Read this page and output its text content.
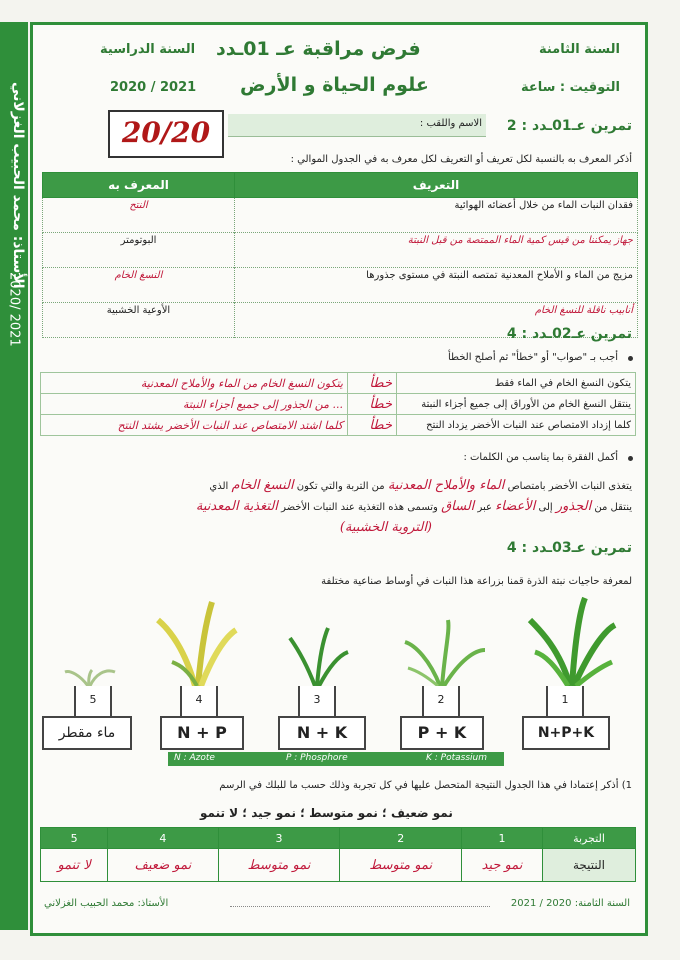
الأستاذ: محمد الحبيب الغزلاني
2020/ 2021
السنة الثامنة
فرض مراقبة عـ 01ـدد
السنة الدراسية
التوقيت : ساعة
علوم الحياة و الأرض
2020 / 2021
20/20	الاسم واللقب : تمرين عـ01ـدد : 2
أذكر المعرف به بالنسبة لكل تعريف أو التعريف لكل معرف به في الجدول الموالي :
التعريف	المعرف به
فقدان النبات الماء من خلال أعضائه الهوائية	النتح
جهاز يمكننا من قيس كمية الماء الممتصة من قبل النبتة	البوتومتر
مزيج من الماء و الأملاح المعدنية تمتصه النبتة في مستوى جذورها	النسغ الخام
أنابيب ناقلة للنسغ الخام	الأوعية الخشبية
تمرين عـ02ـدد : 4
أجب بـ "صواب" أو "خطأ" ثم أصلح الخطأ
يتكون النسغ الخام في الماء فقط	خطأ	يتكون النسغ الخام من الماء والأملاح المعدنية
ينتقل النسغ الخام من الأوراق إلى جميع أجزاء النبتة	خطأ	... من الجذور إلى جميع أجزاء النبتة
كلما إزداد الامتصاص عند النبات الأخضر يزداد النتح	خطأ	كلما اشتد الامتصاص عند النبات الأخضر يشتد النتح
أكمل الفقرة بما يناسب من الكلمات :
يتغذى النبات الأخضر بامتصاص الماء والأملاح المعدنية من التربة والتي تكون النسغ الخام الذي
ينتقل من الجذور إلى الأعضاء عبر الساق وتسمى هذه التغذية عند النبات الأخضر التغذية المعدنية
(التروية الخشبية)
تمرين عـ03ـدد : 4
لمعرفة حاجيات نبتة الذرة قمنا بزراعة هذا النبات في أوساط صناعية مختلفة
1
2
3
4
5
N+P+K
P + K
N + K
N + P
ماء مقطر
N : Azote	P : Phosphore	K : Potassium
1) أذكر إعتمادا في هذا الجدول النتيجة المتحصل عليها في كل تجربة وذلك حسب ما للبلك في الرسم
نمو ضعيف ؛ نمو متوسط ؛ نمو جيد ؛ لا تنمو
التجربة	1	2	3	4	5
النتيجة	نمو جيد	نمو متوسط	نمو متوسط	نمو ضعيف	لا تنمو
السنة الثامنة: 2020 / 2021
الأستاذ: محمد الحبيب الغزلاني
